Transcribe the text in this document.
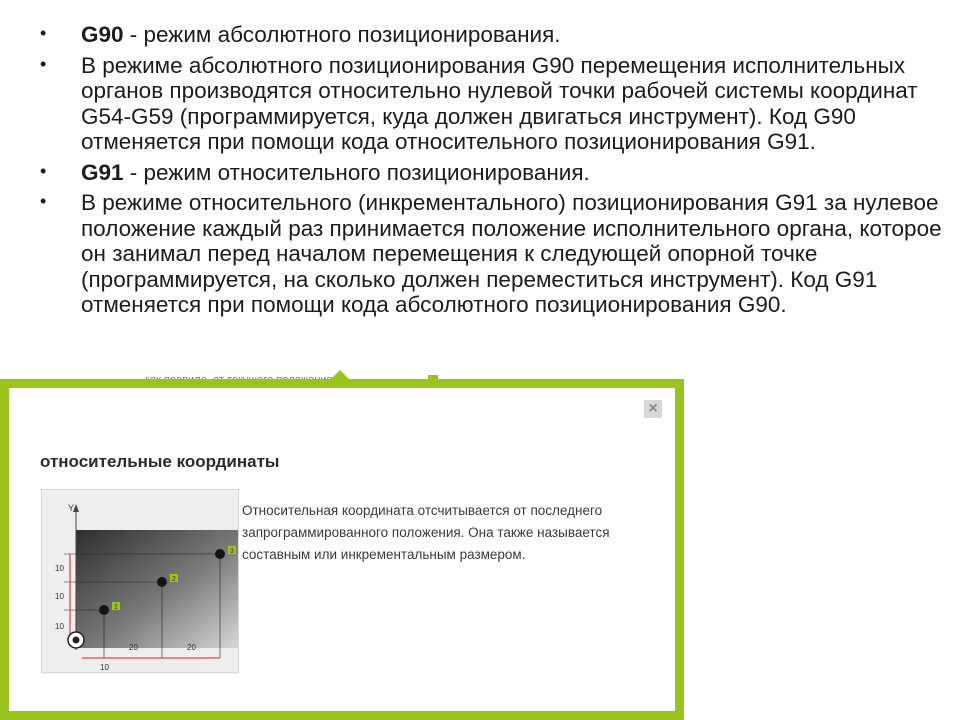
• G90 - режим абсолютного позиционирования.
• В режиме абсолютного позиционирования G90 перемещения исполнительных органов производятся относительно нулевой точки рабочей системы координат G54-G59 (программируется, куда должен двигаться инструмент). Код G90 отменяется при помощи кода относительного позиционирования G91.
• G91 - режим относительного позиционирования.
• В режиме относительного (инкрементального) позиционирования G91 за нулевое положение каждый раз принимается положение исполнительного органа, которое он занимал перед началом перемещения к следующей опорной точке (программируется, на сколько должен переместиться инструмент). Код G91 отменяется при помощи кода абсолютного позиционирования G90.
×
относительные координаты
Y
10
10
10
10
20	20
1
2
3
Относительная координата отсчитывается от последнего запрограммированного положения. Она также называется составным или инкрементальным размером.
